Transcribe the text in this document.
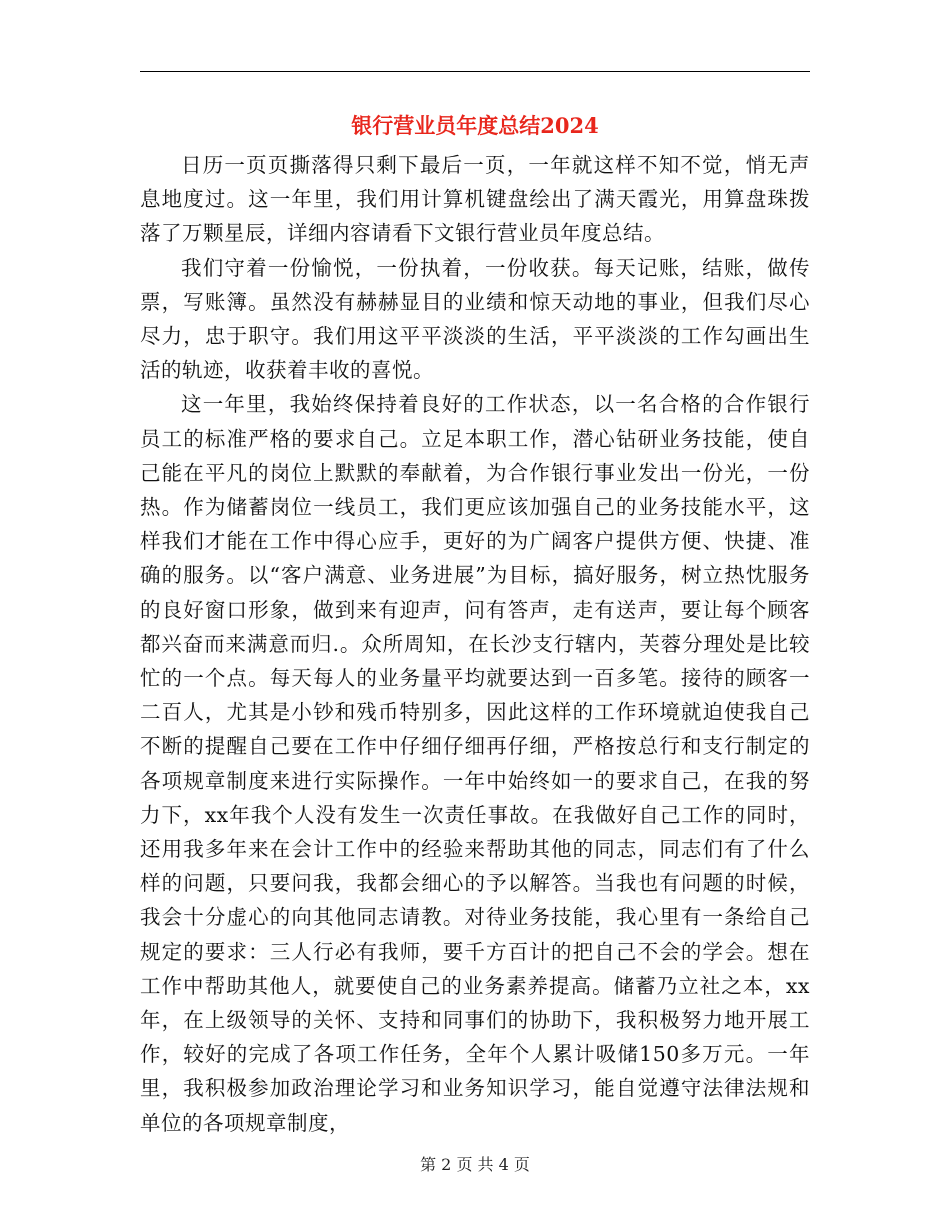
银行营业员年度总结2024

日历一页页撕落得只剩下最后一页，一年就这样不知不觉，悄无声息地度过。这一年里，我们用计算机键盘绘出了满天霞光，用算盘珠拨落了万颗星辰，详细内容请看下文银行营业员年度总结。

我们守着一份愉悦，一份执着，一份收获。每天记账，结账，做传票，写账簿。虽然没有赫赫显目的业绩和惊天动地的事业，但我们尽心尽力，忠于职守。我们用这平平淡淡的生活，平平淡淡的工作勾画出生活的轨迹，收获着丰收的喜悦。

这一年里，我始终保持着良好的工作状态，以一名合格的合作银行员工的标准严格的要求自己。立足本职工作，潜心钻研业务技能，使自己能在平凡的岗位上默默的奉献着，为合作银行事业发出一份光，一份热。作为储蓄岗位一线员工，我们更应该加强自己的业务技能水平，这样我们才能在工作中得心应手，更好的为广阔客户提供方便、快捷、准确的服务。以“客户满意、业务进展”为目标，搞好服务，树立热忱服务的良好窗口形象，做到来有迎声，问有答声，走有送声，要让每个顾客都兴奋而来满意而归.。众所周知，在长沙支行辖内，芙蓉分理处是比较忙的一个点。每天每人的业务量平均就要达到一百多笔。接待的顾客一二百人，尤其是小钞和残币特别多，因此这样的工作环境就迫使我自己不断的提醒自己要在工作中仔细仔细再仔细，严格按总行和支行制定的各项规章制度来进行实际操作。一年中始终如一的要求自己，在我的努力下，xx年我个人没有发生一次责任事故。在我做好自己工作的同时，还用我多年来在会计工作中的经验来帮助其他的同志，同志们有了什么样的问题，只要问我，我都会细心的予以解答。当我也有问题的时候，我会十分虚心的向其他同志请教。对待业务技能，我心里有一条给自己规定的要求：三人行必有我师，要千方百计的把自己不会的学会。想在工作中帮助其他人，就要使自己的业务素养提高。储蓄乃立社之本，xx年，在上级领导的关怀、支持和同事们的协助下，我积极努力地开展工作，较好的完成了各项工作任务，全年个人累计吸储150多万元。一年里，我积极参加政治理论学习和业务知识学习，能自觉遵守法律法规和单位的各项规章制度，

第 2 页 共 4 页
